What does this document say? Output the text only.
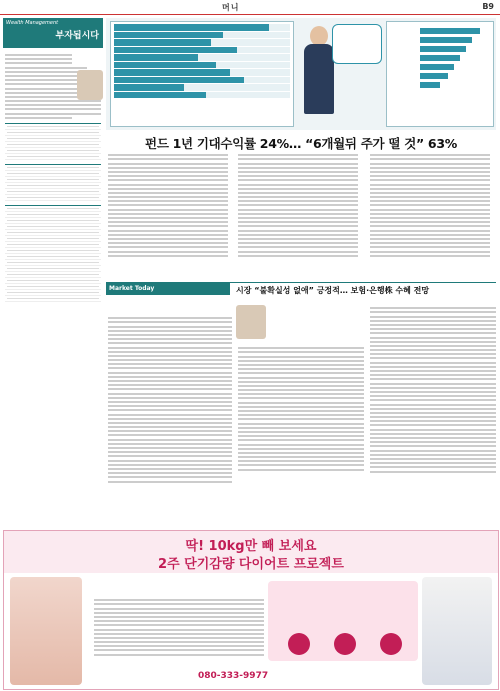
머니	B9
Wealth Management
부자됩시다
펀드 1년 기대수익률 24%… “6개월뒤 주가 떨 것” 63%
Market Today	시장 “불확실성 없애” 긍정적… 보험·은행株 수혜 전망
딱! 10kg만 빼 보세요
2주 단기감량 다이어트 프로젝트
080-333-9977
